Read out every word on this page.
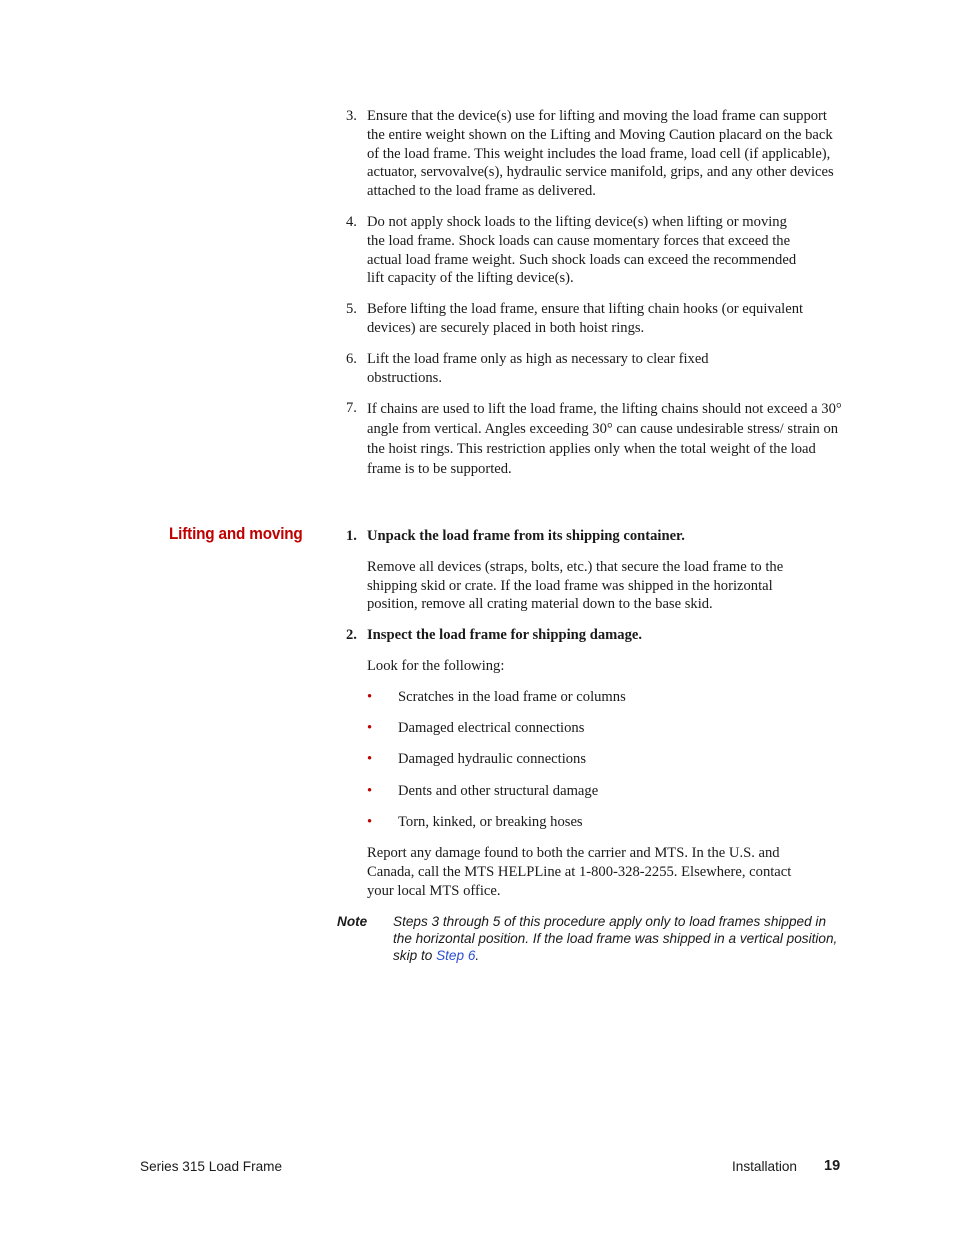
3. Ensure that the device(s) use for lifting and moving the load frame can support the entire weight shown on the Lifting and Moving Caution placard on the back of the load frame. This weight includes the load frame, load cell (if applicable), actuator, servovalve(s), hydraulic service manifold, grips, and any other devices attached to the load frame as delivered.
4. Do not apply shock loads to the lifting device(s) when lifting or moving the load frame. Shock loads can cause momentary forces that exceed the actual load frame weight. Such shock loads can exceed the recommended lift capacity of the lifting device(s).
5. Before lifting the load frame, ensure that lifting chain hooks (or equivalent devices) are securely placed in both hoist rings.
6. Lift the load frame only as high as necessary to clear fixed obstructions.
7. If chains are used to lift the load frame, the lifting chains should not exceed a 30° angle from vertical. Angles exceeding 30° can cause undesirable stress/ strain on the hoist rings. This restriction applies only when the total weight of the load frame is to be supported.
Lifting and moving	1. Unpack the load frame from its shipping container.
Remove all devices (straps, bolts, etc.) that secure the load frame to the shipping skid or crate. If the load frame was shipped in the horizontal position, remove all crating material down to the base skid.
2. Inspect the load frame for shipping damage.
Look for the following:
• Scratches in the load frame or columns
• Damaged electrical connections
• Damaged hydraulic connections
• Dents and other structural damage
• Torn, kinked, or breaking hoses
Report any damage found to both the carrier and MTS. In the U.S. and Canada, call the MTS HELPLine at 1-800-328-2255. Elsewhere, contact your local MTS office.
Note Steps 3 through 5 of this procedure apply only to load frames shipped in the horizontal position. If the load frame was shipped in a vertical position, skip to Step 6.
Series 315 Load Frame	Installation 19
